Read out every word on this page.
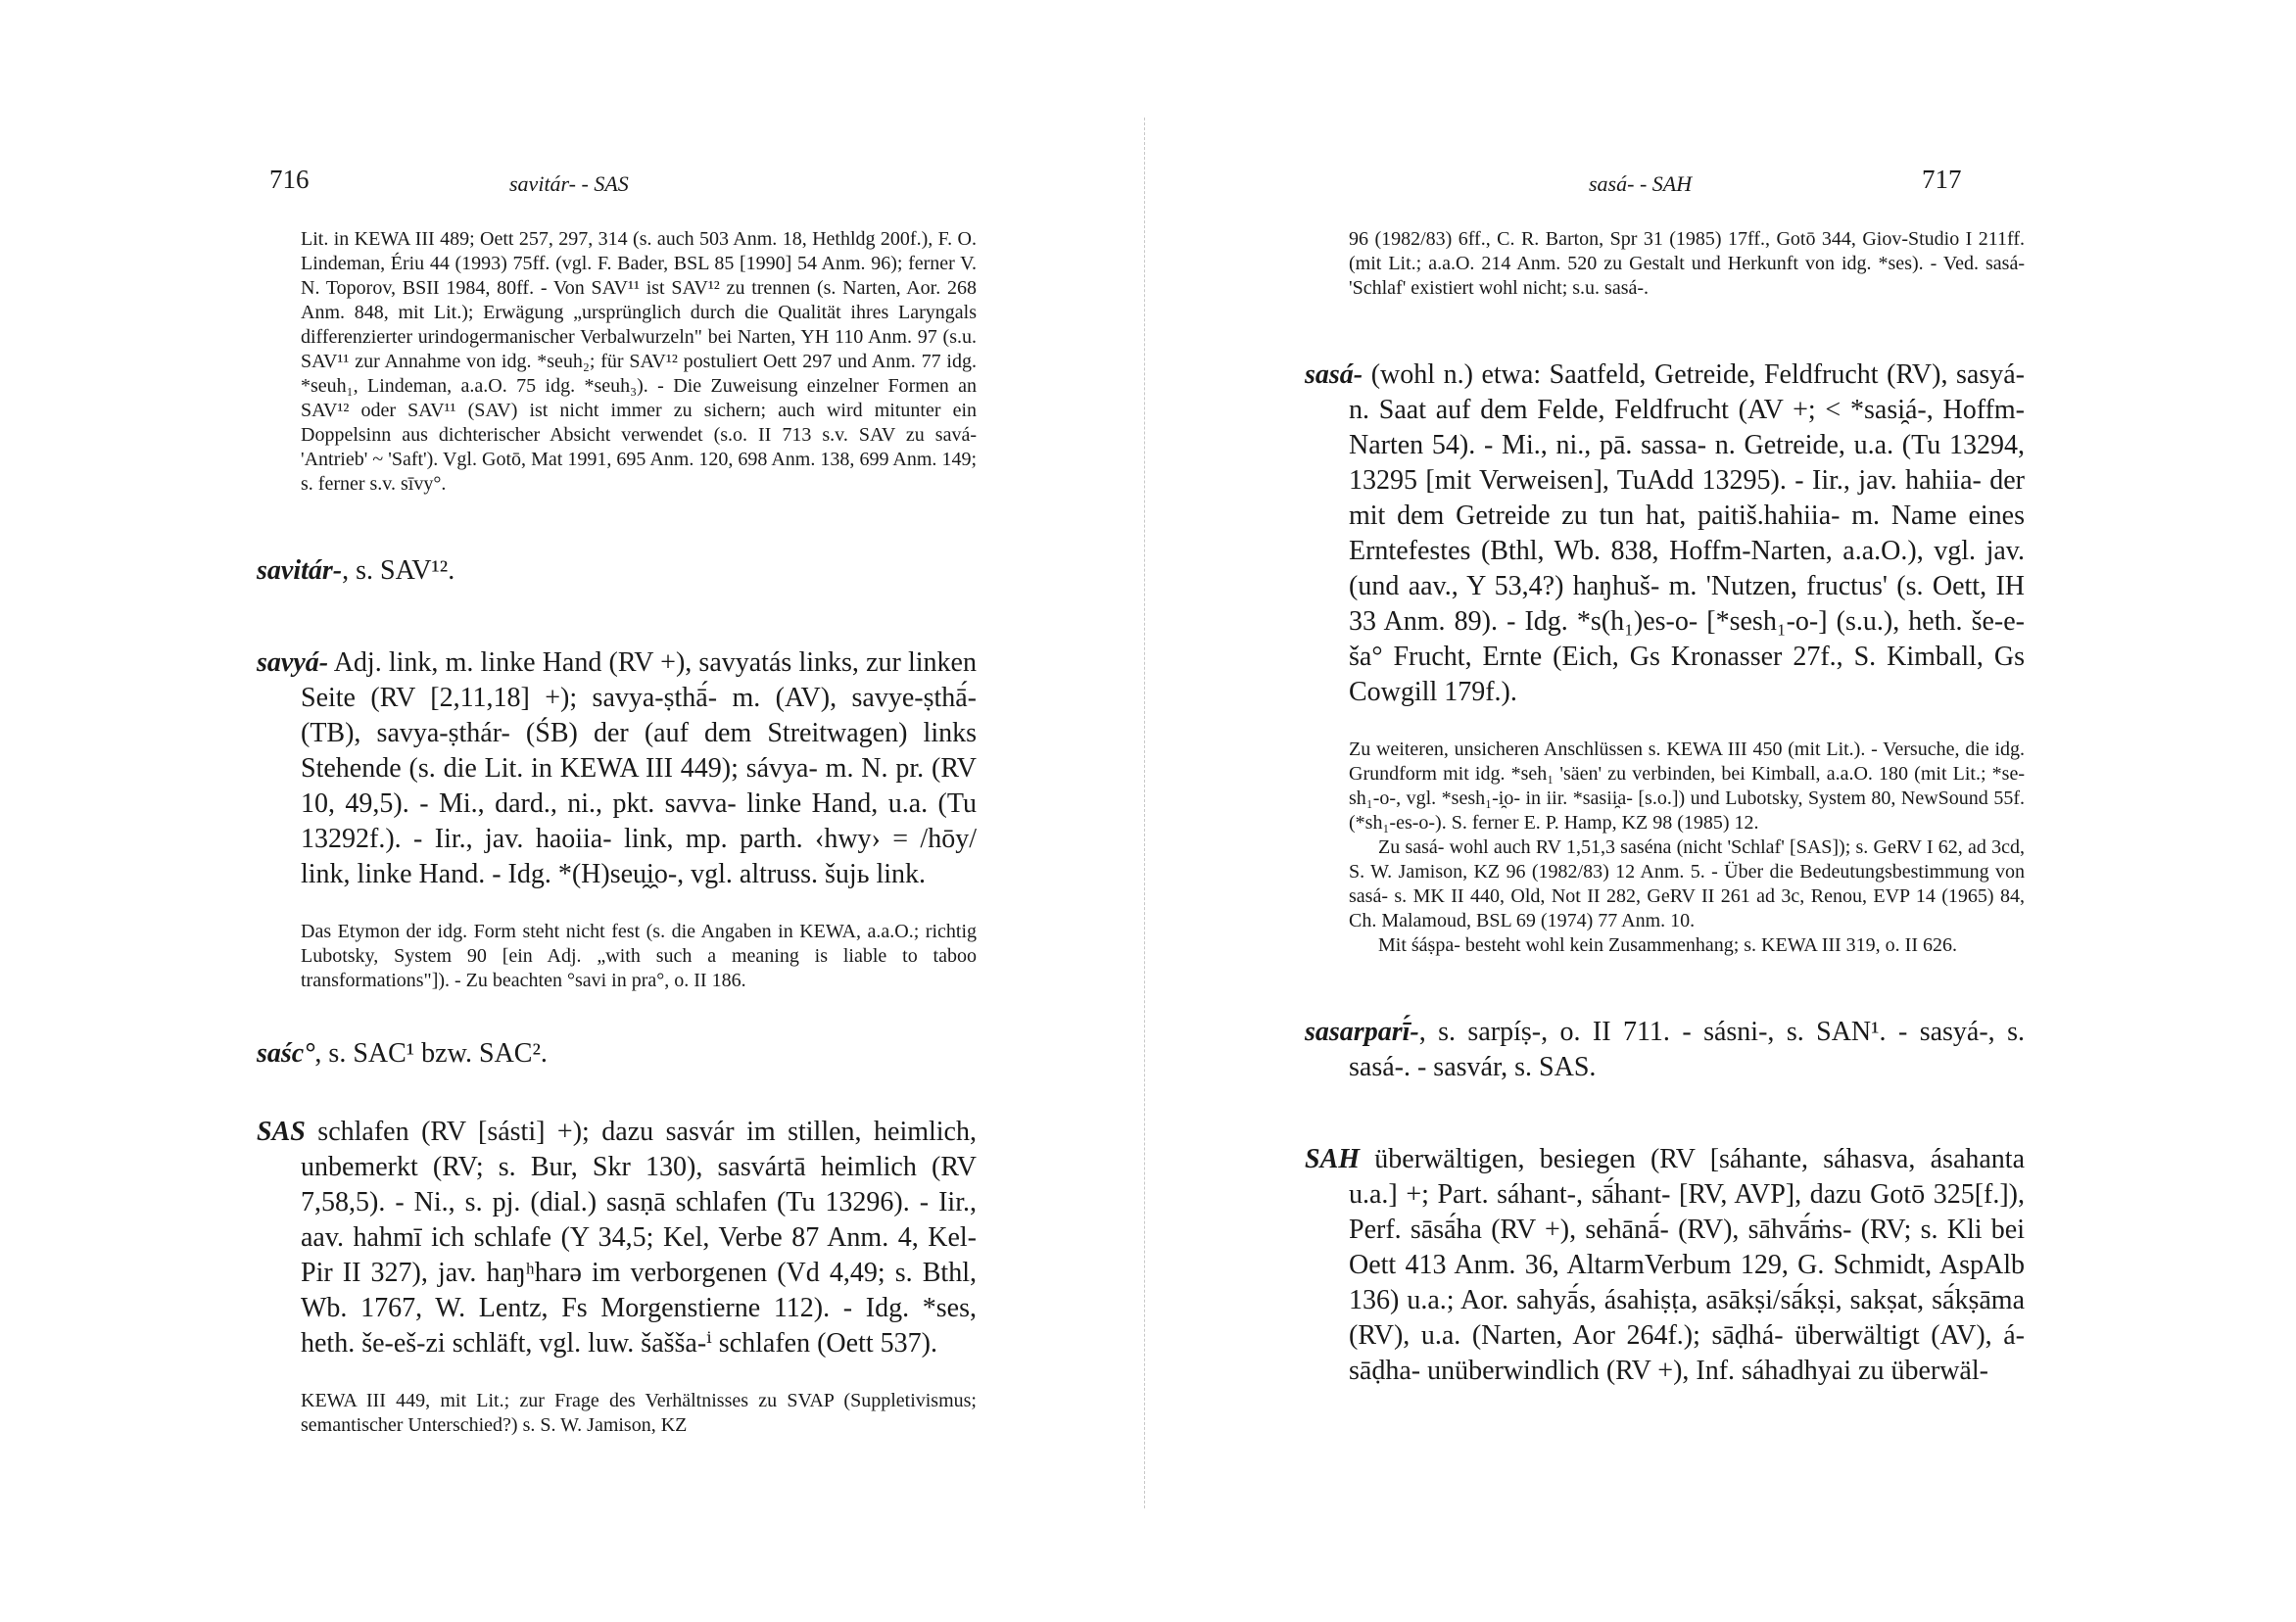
716	savitár- - SAS

Lit. in KEWA III 489; Oett 257, 297, 314 (s. auch 503 Anm. 18, Hethldg 200f.), F. O. Lindeman, Ériu 44 (1993) 75ff. (vgl. F. Bader, BSL 85 [1990] 54 Anm. 96); ferner V. N. Toporov, BSII 1984, 80ff. - Von SAV¹¹ ist SAV¹² zu trennen (s. Narten, Aor. 268 Anm. 848, mit Lit.); Erwägung „ursprünglich durch die Qualität ihres Laryngals differenzierter urindogermanischer Verbalwurzeln" bei Narten, YH 110 Anm. 97 (s.u. SAV¹¹ zur Annahme von idg. *seuh₂; für SAV¹² postuliert Oett 297 und Anm. 77 idg. *seuh₁, Lindeman, a.a.O. 75 idg. *seuh₃). - Die Zuweisung einzelner Formen an SAV¹² oder SAV¹¹ (SAV) ist nicht immer zu sichern; auch wird mitunter ein Doppelsinn aus dichterischer Absicht verwendet (s.o. II 713 s.v. SAV zu savá- 'Antrieb' ~ 'Saft'). Vgl. Gotō, Mat 1991, 695 Anm. 120, 698 Anm. 138, 699 Anm. 149; s. ferner s.v. sīvy°.

savitár-, s. SAV¹².

savyá- Adj. link, m. linke Hand (RV +), savyatás links, zur linken Seite (RV [2,11,18] +); savya-ṣthā́- m. (AV), savye-ṣthā́- (TB), savya-ṣthár- (ŚB) der (auf dem Streitwagen) links Stehende (s. die Lit. in KEWA III 449); sávya- m. N. pr. (RV 10, 49,5). - Mi., dard., ni., pkt. savva- linke Hand, u.a. (Tu 13292f.). - Iir., jav. haoiia- link, mp. parth. ‹hwy› = /hōy/ link, linke Hand. - Idg. *(H)seu̯i̯o-, vgl. altruss. šujь link.

Das Etymon der idg. Form steht nicht fest (s. die Angaben in KEWA, a.a.O.; richtig Lubotsky, System 90 [ein Adj. „with such a meaning is liable to taboo transformations"]). - Zu beachten °savi in pra°, o. II 186.

saśc°, s. SAC¹ bzw. SAC².

SAS schlafen (RV [sásti] +); dazu sasvár im stillen, heimlich, unbemerkt (RV; s. Bur, Skr 130), sasvártā heimlich (RV 7,58,5). - Ni., s. pj. (dial.) sasṇā schlafen (Tu 13296). - Iir., aav. hahmī ich schlafe (Y 34,5; Kel, Verbe 87 Anm. 4, Kel-Pir II 327), jav. haŋʰharə im verborgenen (Vd 4,49; s. Bthl, Wb. 1767, W. Lentz, Fs Morgenstierne 112). - Idg. *ses, heth. še-eš-zi schläft, vgl. luw. šašša-ⁱ schlafen (Oett 537).

KEWA III 449, mit Lit.; zur Frage des Verhältnisses zu SVAP (Suppletivismus; semantischer Unterschied?) s. S. W. Jamison, KZ

sasá- - SAH	717

96 (1982/83) 6ff., C. R. Barton, Spr 31 (1985) 17ff., Gotō 344, Giov-Studio I 211ff. (mit Lit.; a.a.O. 214 Anm. 520 zu Gestalt und Herkunft von idg. *ses). - Ved. sasá- 'Schlaf' existiert wohl nicht; s.u. sasá-.

sasá- (wohl n.) etwa: Saatfeld, Getreide, Feldfrucht (RV), sasyá- n. Saat auf dem Felde, Feldfrucht (AV +; < *sasi̯á-, Hoffm-Narten 54). - Mi., ni., pā. sassa- n. Getreide, u.a. (Tu 13294, 13295 [mit Verweisen], TuAdd 13295). - Iir., jav. hahiia- der mit dem Getreide zu tun hat, paitiš.hahiia- m. Name eines Erntefestes (Bthl, Wb. 838, Hoffm-Narten, a.a.O.), vgl. jav. (und aav., Y 53,4?) haŋhuš- m. 'Nutzen, fructus' (s. Oett, IH 33 Anm. 89). - Idg. *s(h₁)es-o- [*sesh₁-o-] (s.u.), heth. še-e-ša° Frucht, Ernte (Eich, Gs Kronasser 27f., S. Kimball, Gs Cowgill 179f.).

Zu weiteren, unsicheren Anschlüssen s. KEWA III 450 (mit Lit.). - Versuche, die idg. Grundform mit idg. *seh₁ 'säen' zu verbinden, bei Kimball, a.a.O. 180 (mit Lit.; *se-sh₁-o-, vgl. *sesh₁-i̯o- in iir. *sasii̯a- [s.o.]) und Lubotsky, System 80, NewSound 55f. (*sh₁-es-o-). S. ferner E. P. Hamp, KZ 98 (1985) 12.

Zu sasá- wohl auch RV 1,51,3 saséna (nicht 'Schlaf' [SAS]); s. GeRV I 62, ad 3cd, S. W. Jamison, KZ 96 (1982/83) 12 Anm. 5. - Über die Bedeutungsbestimmung von sasá- s. MK II 440, Old, Not II 282, GeRV II 261 ad 3c, Renou, EVP 14 (1965) 84, Ch. Malamoud, BSL 69 (1974) 77 Anm. 10.

Mit śáṣpa- besteht wohl kein Zusammenhang; s. KEWA III 319, o. II 626.

sasarparī́-, s. sarpíṣ-, o. II 711. - sásni-, s. SAN¹. - sasyá-, s. sasá-. - sasvár, s. SAS.

SAH überwältigen, besiegen (RV [sáhante, sáhasva, ásahanta u.a.] +; Part. sáhant-, sā́hant- [RV, AVP], dazu Gotō 325[f.]), Perf. sāsā́ha (RV +), sehānā́- (RV), sāhvā́ṁs- (RV; s. Kli bei Oett 413 Anm. 36, AltarmVerbum 129, G. Schmidt, AspAlb 136) u.a.; Aor. sahyā́s, ásahiṣṭa, asākṣi/sā́kṣi, sakṣat, sā́kṣāma (RV), u.a. (Narten, Aor 264f.); sāḍhá- überwältigt (AV), á-sāḍha- unüberwindlich (RV +), Inf. sáhadhyai zu überwäl-
